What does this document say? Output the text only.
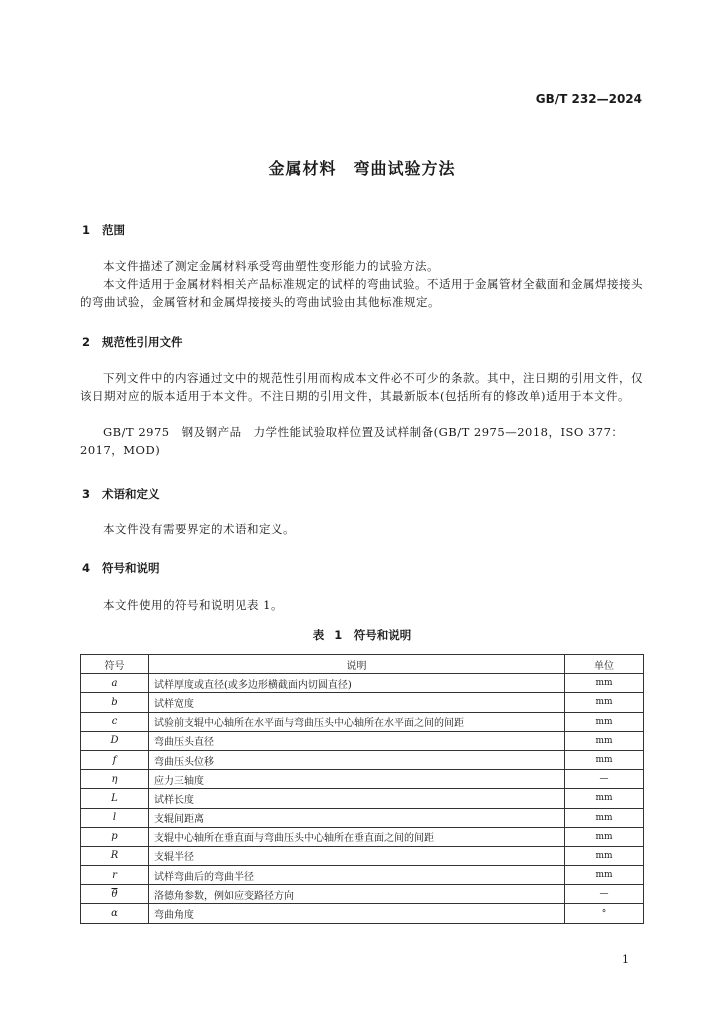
GB/T 232—2024
金属材料　弯曲试验方法
1 范围

本文件描述了测定金属材料承受弯曲塑性变形能力的试验方法。

本文件适用于金属材料相关产品标准规定的试样的弯曲试验。不适用于金属管材全截面和金属焊接接头的弯曲试验，金属管材和金属焊接接头的弯曲试验由其他标准规定。

2 规范性引用文件

下列文件中的内容通过文中的规范性引用而构成本文件必不可少的条款。其中，注日期的引用文件，仅该日期对应的版本适用于本文件。不注日期的引用文件，其最新版本(包括所有的修改单)适用于本文件。

GB/T 2975　钢及钢产品　力学性能试验取样位置及试样制备(GB/T 2975—2018，ISO 377：2017，MOD)

3 术语和定义

本文件没有需要界定的术语和定义。

4 符号和说明

本文件使用的符号和说明见表 1。

表 1　符号和说明
符号	说明	单位
a	试样厚度或直径(或多边形横截面内切圆直径)	mm
b	试样宽度	mm
c	试验前支辊中心轴所在水平面与弯曲压头中心轴所在水平面之间的间距	mm
D	弯曲压头直径	mm
f	弯曲压头位移	mm
η	应力三轴度	—
L	试样长度	mm
l	支辊间距离	mm
p	支辊中心轴所在垂直面与弯曲压头中心轴所在垂直面之间的间距	mm
R	支辊半径	mm
r	试样弯曲后的弯曲半径	mm
$\overline{\theta}$	洛德角参数，例如应变路径方向	—
α	弯曲角度	°
1
